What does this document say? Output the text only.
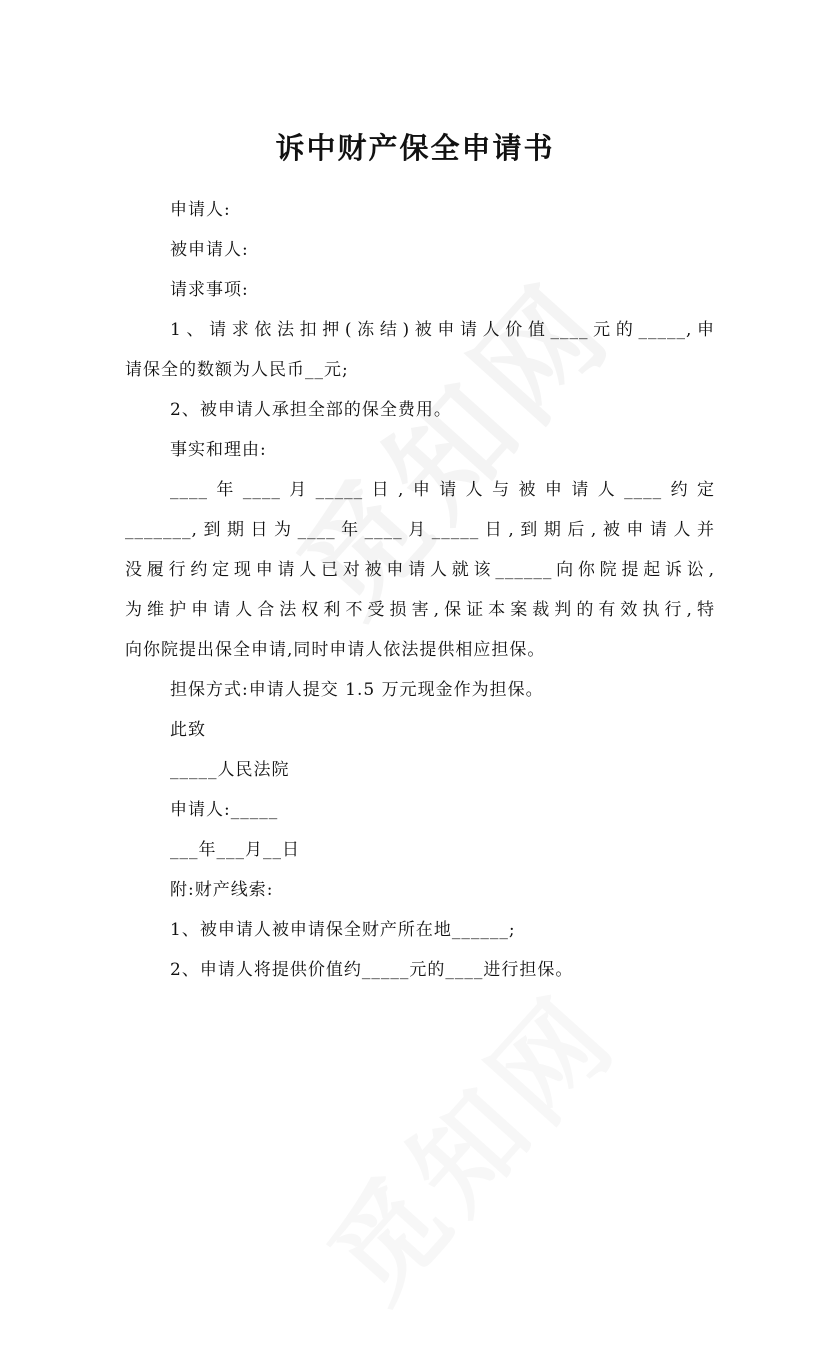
诉中财产保全申请书
申请人:
被申请人:
请求事项:
1、请求依法扣押(冻结)被申请人价值____元的_____,申
请保全的数额为人民币__元;
2、被申请人承担全部的保全费用。
事实和理由:
____年____月_____日,申请人与被申请人____约定
_______,到期日为____年____月_____日,到期后,被申请人并
没履行约定现申请人已对被申请人就该______向你院提起诉讼,
为维护申请人合法权利不受损害,保证本案裁判的有效执行,特
向你院提出保全申请,同时申请人依法提供相应担保。
担保方式:申请人提交 1.5 万元现金作为担保。
此致
_____人民法院
申请人:_____
___年___月__日
附:财产线索:
1、被申请人被申请保全财产所在地______;
2、申请人将提供价值约_____元的____进行担保。
